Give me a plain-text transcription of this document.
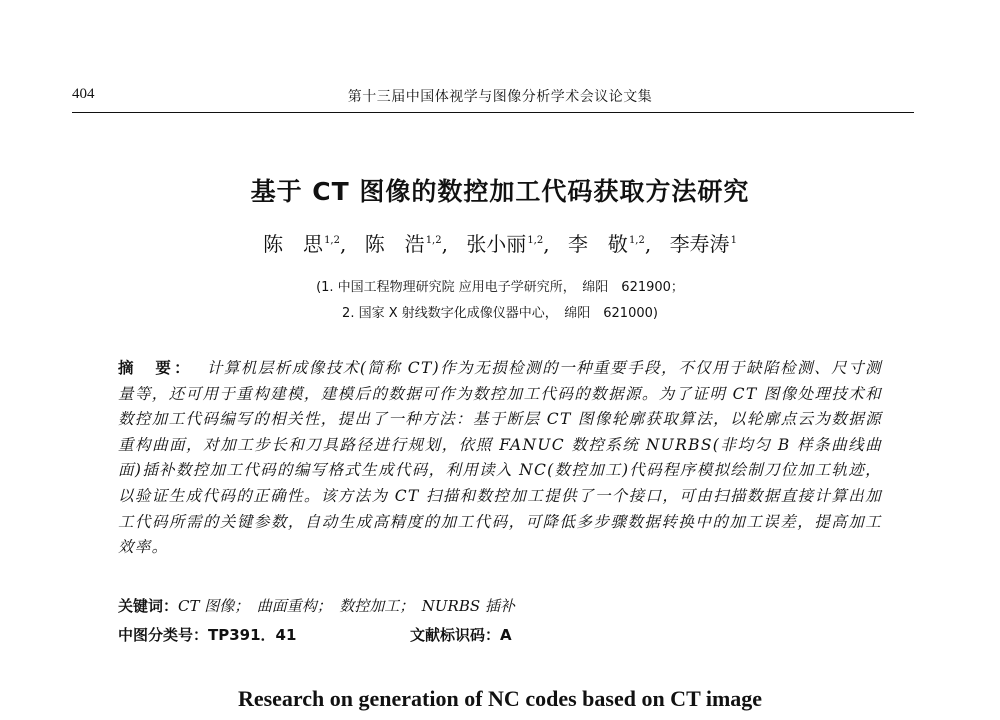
404	第十三届中国体视学与图像分析学术会议论文集
基于 CT 图像的数控加工代码获取方法研究
陈　思$^{1,2}$, 陈　浩$^{1,2}$, 张小丽$^{1,2}$, 李　敬$^{1,2}$, 李寿涛$^1$
(1. 中国工程物理研究院 应用电子学研究所，　绵阳　621900；
2. 国家 X 射线数字化成像仪器中心，　绵阳　621000)
摘　要： 计算机层析成像技术(简称 CT)作为无损检测的一种重要手段，不仅用于缺陷检测、尺寸测量等，还可用于重构建模，建模后的数据可作为数控加工代码的数据源。为了证明 CT 图像处理技术和数控加工代码编写的相关性，提出了一种方法：基于断层 CT 图像轮廓获取算法，以轮廓点云为数据源重构曲面，对加工步长和刀具路径进行规划，依照 FANUC 数控系统 NURBS(非均匀 B 样条曲线曲面)插补数控加工代码的编写格式生成代码，利用读入 NC(数控加工)代码程序模拟绘制刀位加工轨迹，以验证生成代码的正确性。该方法为 CT 扫描和数控加工提供了一个接口，可由扫描数据直接计算出加工代码所需的关键参数，自动生成高精度的加工代码，可降低多步骤数据转换中的加工误差，提高加工效率。
关键词：CT 图像；　曲面重构；　数控加工；　NURBS 插补
中图分类号：TP391．41	文献标识码：A
Research on generation of NC codes based on CT image
